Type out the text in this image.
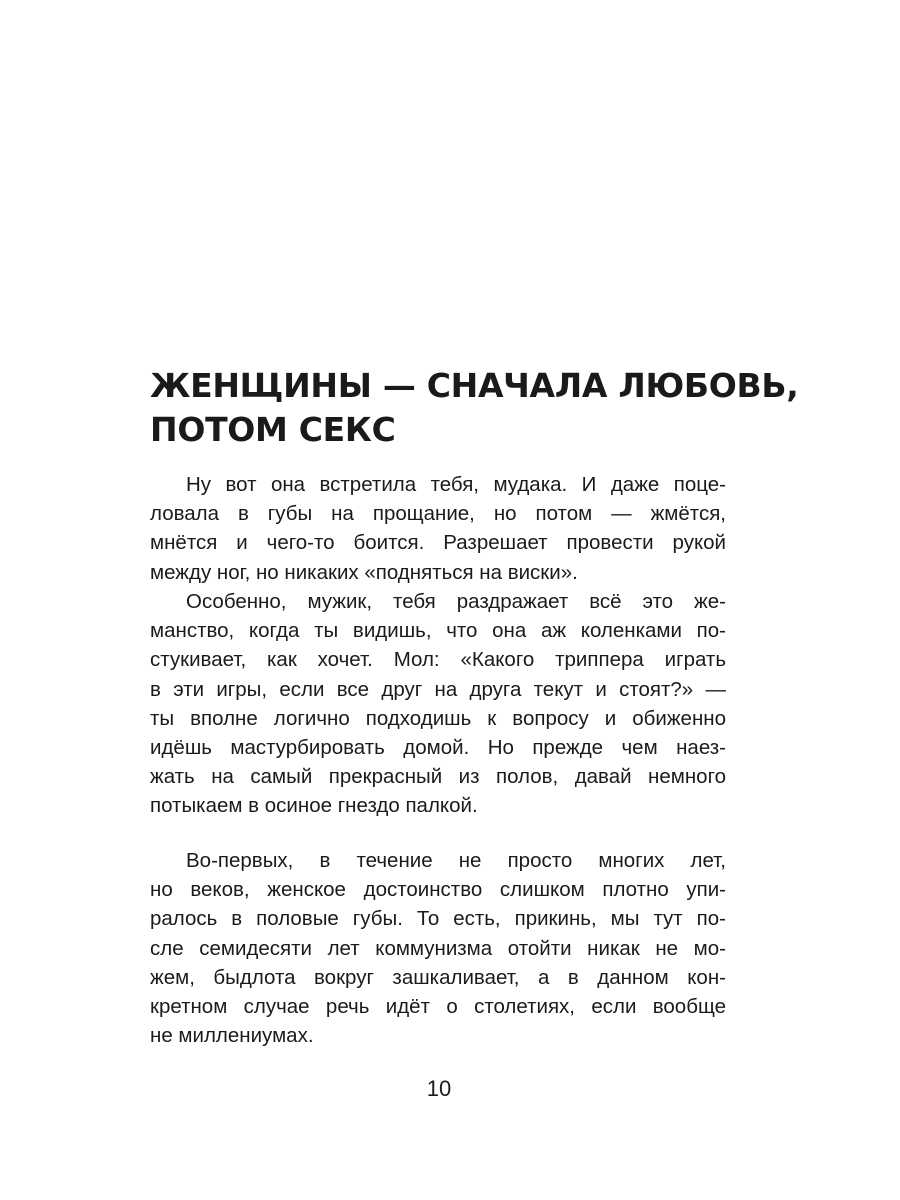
ЖЕНЩИНЫ — СНАЧАЛА ЛЮБОВЬ,
ПОТОМ СЕКС
Ну вот она встретила тебя, мудака. И даже поце-
ловала в губы на прощание, но потом — жмётся,
мнётся и чего-то боится. Разрешает провести рукой
между ног, но никаких «подняться на виски».
Особенно, мужик, тебя раздражает всё это же-
манство, когда ты видишь, что она аж коленками по-
стукивает, как хочет. Мол: «Какого триппера играть
в эти игры, если все друг на друга текут и стоят?» —
ты вполне логично подходишь к вопросу и обиженно
идёшь мастурбировать домой. Но прежде чем наез-
жать на самый прекрасный из полов, давай немного
потыкаем в осиное гнездо палкой.
Во-первых, в течение не просто многих лет,
но веков, женское достоинство слишком плотно упи-
ралось в половые губы. То есть, прикинь, мы тут по-
сле семидесяти лет коммунизма отойти никак не мо-
жем, быдлота вокруг зашкаливает, а в данном кон-
кретном случае речь идёт о столетиях, если вообще
не миллениумах.
10
